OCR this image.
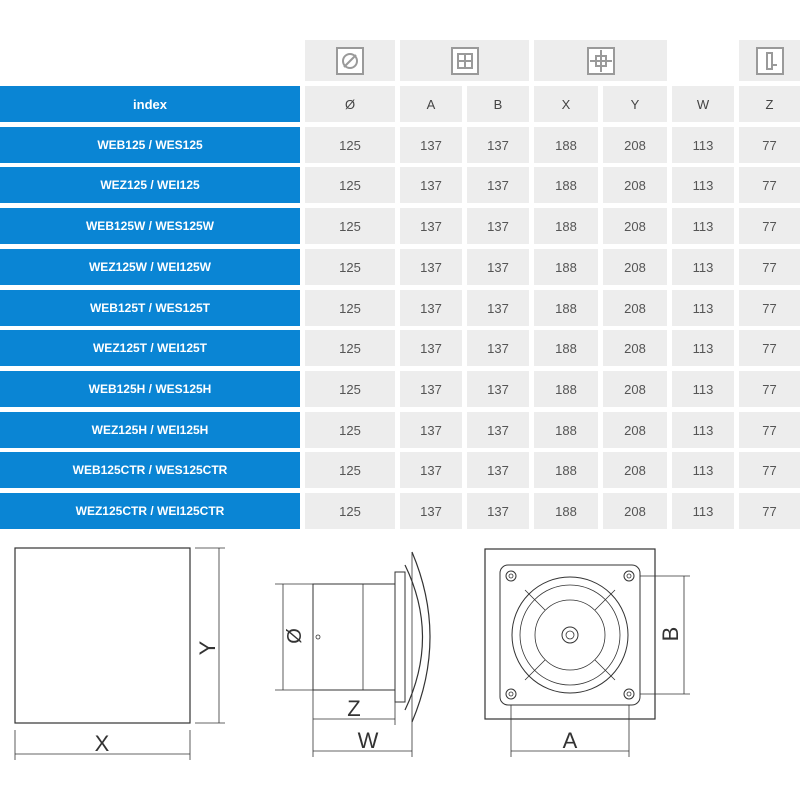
index	Ø	A	B	X	Y	W	Z
WEB125 / WES125	125	137	137	188	208	113	77
WEZ125 / WEI125	125	137	137	188	208	113	77
WEB125W / WES125W	125	137	137	188	208	113	77
WEZ125W / WEI125W	125	137	137	188	208	113	77
WEB125T / WES125T	125	137	137	188	208	113	77
WEZ125T / WEI125T	125	137	137	188	208	113	77
WEB125H / WES125H	125	137	137	188	208	113	77
WEZ125H / WEI125H	125	137	137	188	208	113	77
WEB125CTR / WES125CTR	125	137	137	188	208	113	77
WEZ125CTR / WEI125CTR	125	137	137	188	208	113	77
Y
X
Ø
Z
W
B
A
